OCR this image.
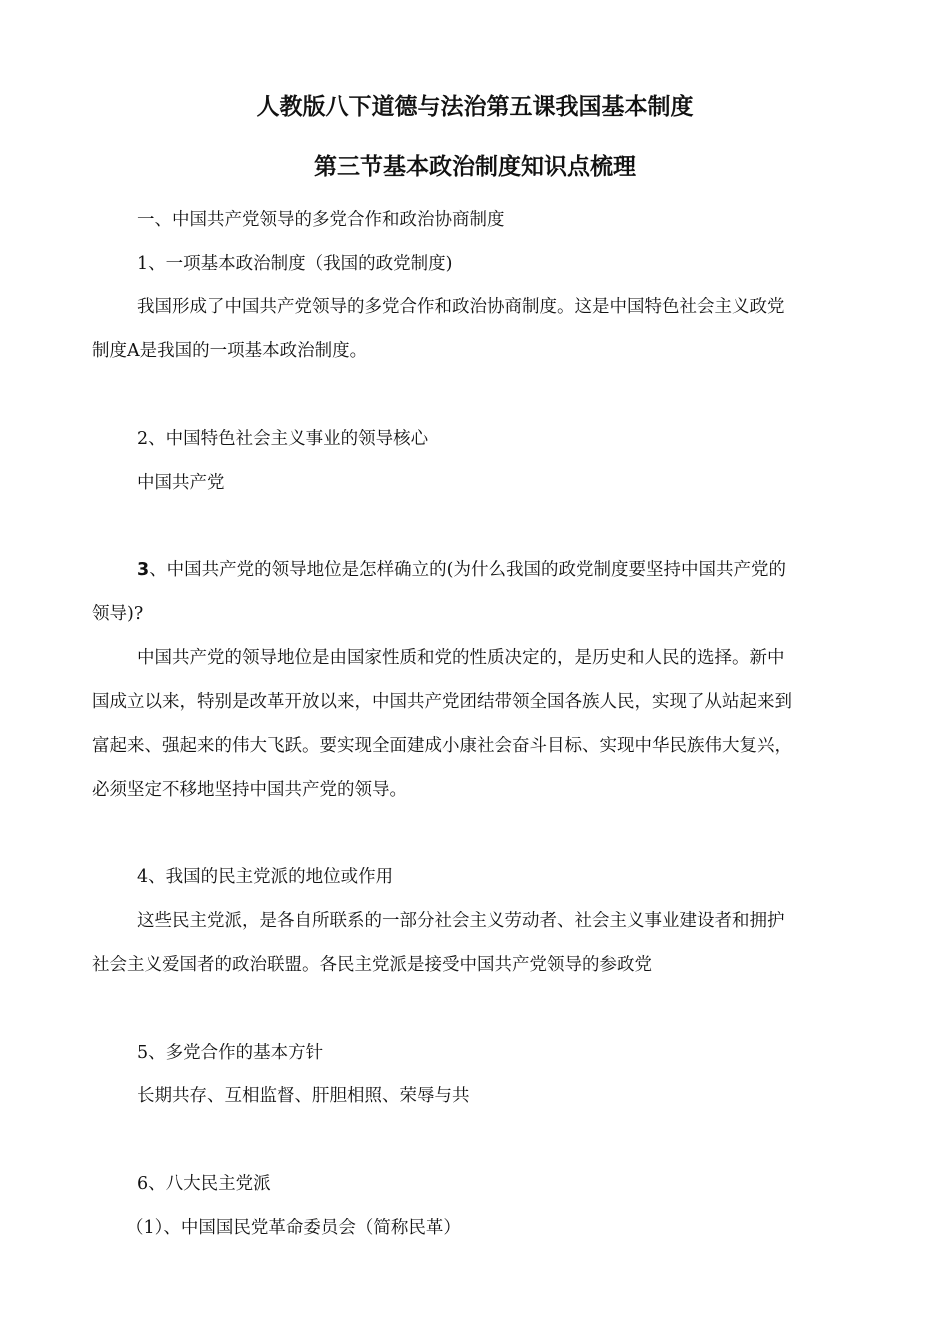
人教版八下道德与法治第五课我国基本制度
第三节基本政治制度知识点梳理
一、中国共产党领导的多党合作和政治协商制度
1、一项基本政治制度（我国的政党制度)
我国形成了中国共产党领导的多党合作和政治协商制度。这是中国特色社会主义政党
制度A是我国的一项基本政治制度。
2、中国特色社会主义事业的领导核心
中国共产党
3、中国共产党的领导地位是怎样确立的(为什么我国的政党制度要坚持中国共产党的
领导)?
中国共产党的领导地位是由国家性质和党的性质决定的，是历史和人民的选择。新中
国成立以来，特别是改革开放以来，中国共产党团结带领全国各族人民，实现了从站起来到
富起来、强起来的伟大飞跃。要实现全面建成小康社会奋斗目标、实现中华民族伟大复兴，
必须坚定不移地坚持中国共产党的领导。
4、我国的民主党派的地位或作用
这些民主党派，是各自所联系的一部分社会主义劳动者、社会主义事业建设者和拥护
社会主义爱国者的政治联盟。各民主党派是接受中国共产党领导的参政党
5、多党合作的基本方针
长期共存、互相监督、肝胆相照、荣辱与共
6、八大民主党派
（1）、中国国民党革命委员会（简称民革）
